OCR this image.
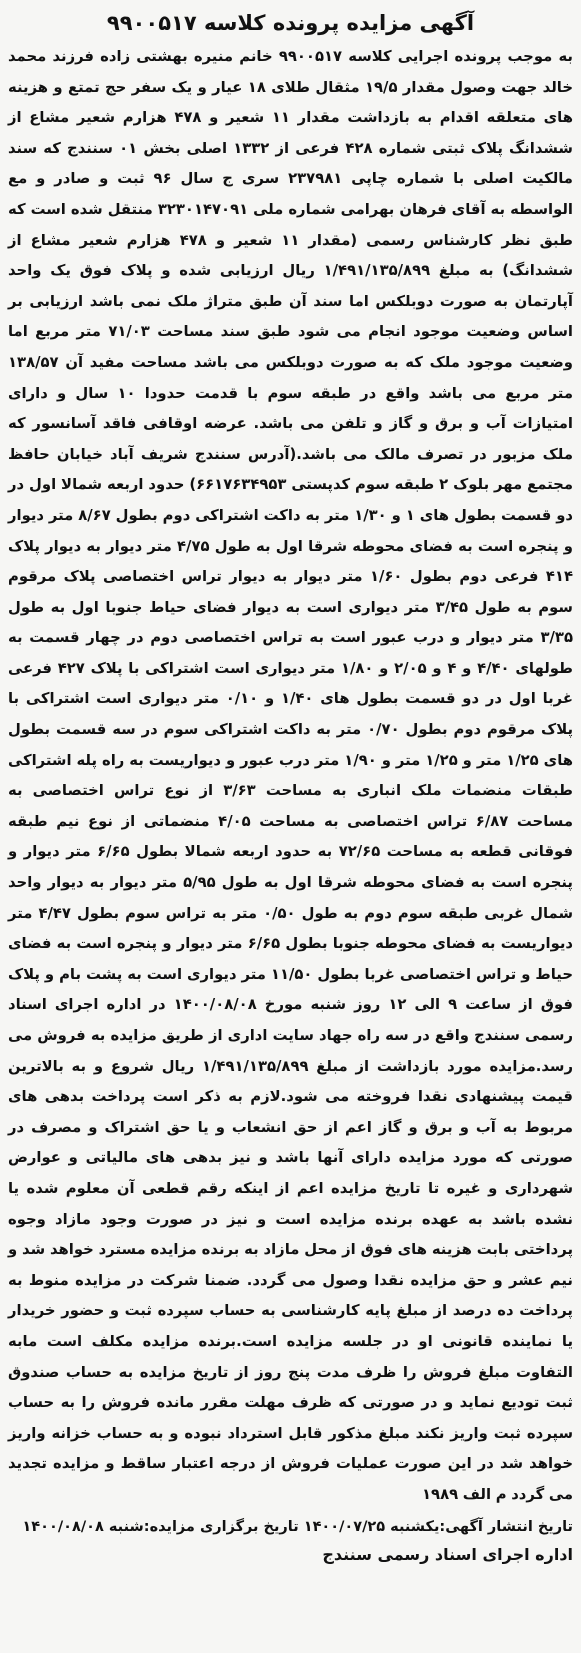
آگهی مزایده پرونده کلاسه ۹۹۰۰۵۱۷

به موجب پرونده اجرایی کلاسه ۹۹۰۰۵۱۷ خانم منیره بهشتی زاده فرزند محمد خالد جهت وصول مقدار ۱۹/۵ مثقال طلای ۱۸ عیار و یک سفر حج تمتع و هزینه های متعلقه اقدام به بازداشت مقدار ۱۱ شعیر و ۴۷۸ هزارم شعیر مشاع از ششدانگ پلاک ثبتی شماره ۴۲۸ فرعی از ۱۳۳۲ اصلی بخش ۰۱ سنندج که سند مالکیت اصلی با شماره چاپی ۲۳۷۹۸۱ سری ج سال ۹۶ ثبت و صادر و مع الواسطه به آقای فرهان بهرامی شماره ملی ۳۲۳۰۱۴۷۰۹۱ منتقل شده است که طبق نظر کارشناس رسمی (مقدار ۱۱ شعیر و ۴۷۸ هزارم شعیر مشاع از ششدانگ) به مبلغ ۱/۴۹۱/۱۳۵/۸۹۹ ریال ارزیابی شده و پلاک فوق یک واحد آپارتمان به صورت دوبلکس اما سند آن طبق متراژ ملک نمی باشد ارزیابی بر اساس وضعیت موجود انجام می شود طبق سند مساحت ۷۱/۰۳ متر مربع اما وضعیت موجود ملک که به صورت دوبلکس می باشد مساحت مفید آن ۱۳۸/۵۷ متر مربع می باشد واقع در طبقه سوم با قدمت حدودا ۱۰ سال و دارای امتیازات آب و برق و گاز و تلفن می باشد. عرضه اوقافی فاقد آسانسور که ملک مزبور در تصرف مالک می باشد.(آدرس سنندج شریف آباد خیابان حافظ مجتمع مهر بلوک ۲ طبقه سوم کدپستی ۶۶۱۷۶۳۴۹۵۳) حدود اربعه شمالا اول در دو قسمت بطول های ۱ و ۱/۳۰ متر به داکت اشتراکی دوم بطول ۸/۶۷ متر دیوار و پنجره است به فضای محوطه شرقا اول به طول ۴/۷۵ متر دیوار به دیوار پلاک ۴۱۴ فرعی دوم بطول ۱/۶۰ متر دیوار به دیوار تراس اختصاصی پلاک مرقوم سوم به طول ۳/۴۵ متر دیواری است به دیوار فضای حیاط جنوبا اول به طول ۳/۳۵ متر دیوار و درب عبور است به تراس اختصاصی دوم در چهار قسمت به طولهای ۴/۴۰ و ۴ و ۲/۰۵ و ۱/۸۰ متر دیواری است اشتراکی با پلاک ۴۲۷ فرعی غربا اول در دو قسمت بطول های ۱/۴۰ و ۰/۱۰ متر دیواری است اشتراکی با پلاک مرقوم دوم بطول ۰/۷۰ متر به داکت اشتراکی سوم در سه قسمت بطول های ۱/۲۵ متر و ۱/۲۵ متر و ۱/۹۰ متر درب عبور و دیواریست به راه پله اشتراکی طبقات منضمات ملک انباری به مساحت ۳/۶۳ از نوع تراس اختصاصی به مساحت ۶/۸۷ تراس اختصاصی به مساحت ۴/۰۵ منضماتی از نوع نیم طبقه فوقانی قطعه به مساحت ۷۲/۶۵ به حدود اربعه شمالا بطول ۶/۶۵ متر دیوار و پنجره است به فضای محوطه شرقا اول به طول ۵/۹۵ متر دیوار به دیوار واحد شمال غربی طبقه سوم دوم به طول ۰/۵۰ متر به تراس سوم بطول ۴/۴۷ متر دیواریست به فضای محوطه جنوبا بطول ۶/۶۵ متر دیوار و پنجره است به فضای حیاط و تراس اختصاصی غربا بطول ۱۱/۵۰ متر دیواری است به پشت بام و پلاک فوق از ساعت ۹ الی ۱۲ روز شنبه مورخ ۱۴۰۰/۰۸/۰۸ در اداره اجرای اسناد رسمی سنندج واقع در سه راه جهاد سایت اداری از طریق مزایده به فروش می رسد.مزایده مورد بازداشت از مبلغ ۱/۴۹۱/۱۳۵/۸۹۹ ریال شروع و به بالاترین قیمت پیشنهادی نقدا فروخته می شود.لازم به ذکر است پرداخت بدهی های مربوط به آب و برق و گاز اعم از حق انشعاب و یا حق اشتراک و مصرف در صورتی که مورد مزایده دارای آنها باشد و نیز بدهی های مالیاتی و عوارض شهرداری و غیره تا تاریخ مزایده اعم از اینکه رقم قطعی آن معلوم شده یا نشده باشد به عهده برنده مزایده است و نیز در صورت وجود مازاد وجوه پرداختی بابت هزینه های فوق از محل مازاد به برنده مزایده مسترد خواهد شد و نیم عشر و حق مزایده نقدا وصول می گردد. ضمنا شرکت در مزایده منوط به پرداخت ده درصد از مبلغ پایه کارشناسی به حساب سپرده ثبت و حضور خریدار یا نماینده قانونی او در جلسه مزایده است.برنده مزایده مکلف است مابه التفاوت مبلغ فروش را ظرف مدت پنج روز از تاریخ مزایده به حساب صندوق ثبت تودیع نماید و در صورتی که ظرف مهلت مقرر مانده فروش را به حساب سپرده ثبت واریز نکند مبلغ مذکور قابل استرداد نبوده و به حساب خزانه واریز خواهد شد در این صورت عملیات فروش از درجه اعتبار ساقط و مزایده تجدید می گردد م الف ۱۹۸۹

تاریخ انتشار آگهی:یکشنبه ۱۴۰۰/۰۷/۲۵ تاریخ برگزاری مزایده:شنبه ۱۴۰۰/۰۸/۰۸

اداره اجرای اسناد رسمی سنندج
